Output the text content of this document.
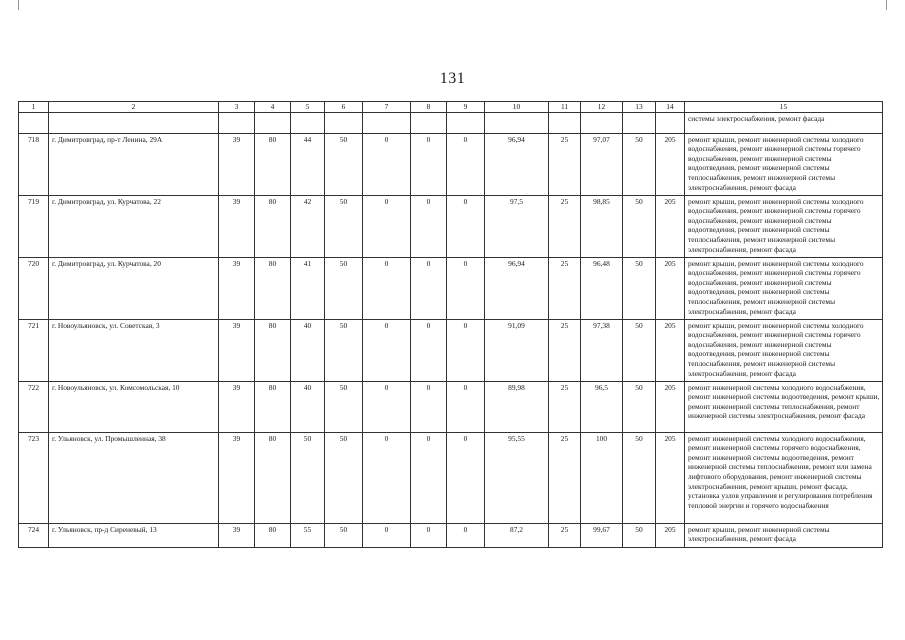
131
1	2	3	4	5	6	7	8	9	10	11	12	13	14	15
														системы электроснабжения, ремонт фасада
718	г. Димитровград, пр-т Ленина, 29А	39	80	44	50	0	0	0	96,94	25	97,07	50	205	ремонт крыши, ремонт инженерной системы холодного водоснабжения, ремонт инженерной системы горячего водоснабжения, ремонт инженерной системы водоотведения, ремонт инженерной системы теплоснабжения, ремонт инженерной системы электроснабжения, ремонт фасада
719	г. Димитровград, ул. Курчатова, 22	39	80	42	50	0	0	0	97,5	25	98,85	50	205	ремонт крыши, ремонт инженерной системы холодного водоснабжения, ремонт инженерной системы горячего водоснабжения, ремонт инженерной системы водоотведения, ремонт инженерной системы теплоснабжения, ремонт инженерной системы электроснабжения, ремонт фасада
720	г. Димитровград, ул. Курчатова, 20	39	80	41	50	0	0	0	96,94	25	96,48	50	205	ремонт крыши, ремонт инженерной системы холодного водоснабжения, ремонт инженерной системы горячего водоснабжения, ремонт инженерной системы водоотведения, ремонт инженерной системы теплоснабжения, ремонт инженерной системы электроснабжения, ремонт фасада
721	г. Новоульяновск, ул. Советская, 3	39	80	40	50	0	0	0	91,09	25	97,38	50	205	ремонт крыши, ремонт инженерной системы холодного водоснабжения, ремонт инженерной системы горячего водоснабжения, ремонт инженерной системы водоотведения, ремонт инженерной системы теплоснабжения, ремонт инженерной системы электроснабжения, ремонт фасада
722	г. Новоульяновск, ул. Комсомольская, 10	39	80	40	50	0	0	0	89,98	25	96,5	50	205	ремонт инженерной системы холодного водоснабжения, ремонт инженерной системы водоотведения, ремонт крыши, ремонт инженерной системы теплоснабжения, ремонт инженерной системы электроснабжения, ремонт фасада
723	г. Ульяновск, ул. Промышленная, 38	39	80	50	50	0	0	0	95,55	25	100	50	205	ремонт инженерной системы холодного водоснабжения, ремонт инженерной системы горячего водоснабжения, ремонт инженерной системы водоотведения, ремонт инженерной системы теплоснабжения, ремонт или замена лифтового оборудования, ремонт инженерной системы электроснабжения, ремонт крыши, ремонт фасада, установка узлов управления и регулирования потребления тепловой энергии и горячего водоснабжения
724	г. Ульяновск, пр-д Сиреневый, 13	39	80	55	50	0	0	0	87,2	25	99,67	50	205	ремонт крыши, ремонт инженерной системы электроснабжения, ремонт фасада
